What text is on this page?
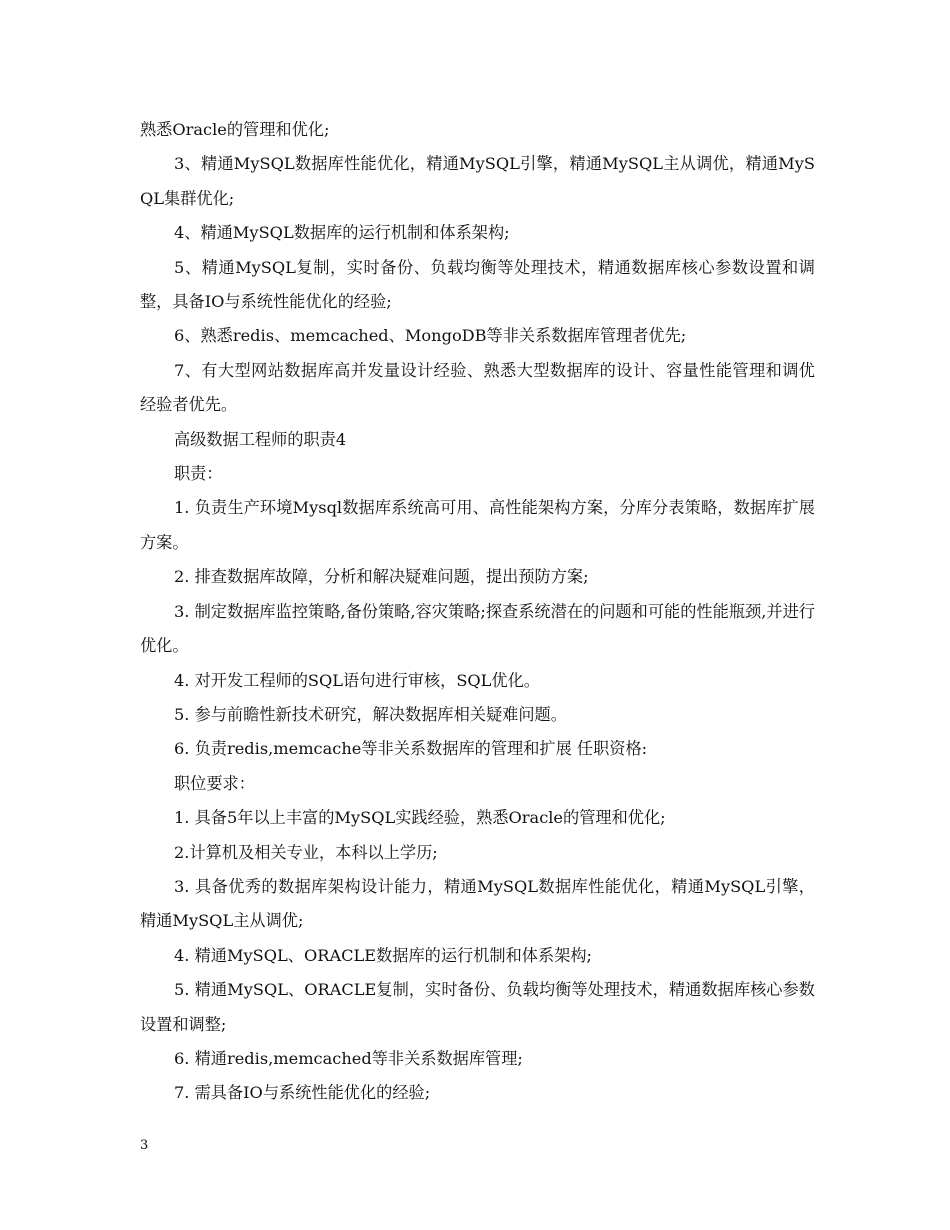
熟悉Oracle的管理和优化;

3、精通MySQL数据库性能优化，精通MySQL引擎，精通MySQL主从调优，精通MySQL集群优化;

4、精通MySQL数据库的运行机制和体系架构;

5、精通MySQL复制，实时备份、负载均衡等处理技术，精通数据库核心参数设置和调整，具备IO与系统性能优化的经验;

6、熟悉redis、memcached、MongoDB等非关系数据库管理者优先;

7、有大型网站数据库高并发量设计经验、熟悉大型数据库的设计、容量性能管理和调优经验者优先。

高级数据工程师的职责4

职责：

1. 负责生产环境Mysql数据库系统高可用、高性能架构方案，分库分表策略，数据库扩展方案。

2. 排查数据库故障，分析和解决疑难问题，提出预防方案;

3. 制定数据库监控策略,备份策略,容灾策略;探查系统潜在的问题和可能的性能瓶颈,并进行优化。

4. 对开发工程师的SQL语句进行审核，SQL优化。

5. 参与前瞻性新技术研究，解决数据库相关疑难问题。

6. 负责redis,memcache等非关系数据库的管理和扩展 任职资格:

职位要求：

1. 具备5年以上丰富的MySQL实践经验，熟悉Oracle的管理和优化;

2.计算机及相关专业，本科以上学历;

3. 具备优秀的数据库架构设计能力，精通MySQL数据库性能优化，精通MySQL引擎，精通MySQL主从调优;

4. 精通MySQL、ORACLE数据库的运行机制和体系架构;

5. 精通MySQL、ORACLE复制，实时备份、负载均衡等处理技术，精通数据库核心参数设置和调整;

6. 精通redis,memcached等非关系数据库管理;

7. 需具备IO与系统性能优化的经验;

3
